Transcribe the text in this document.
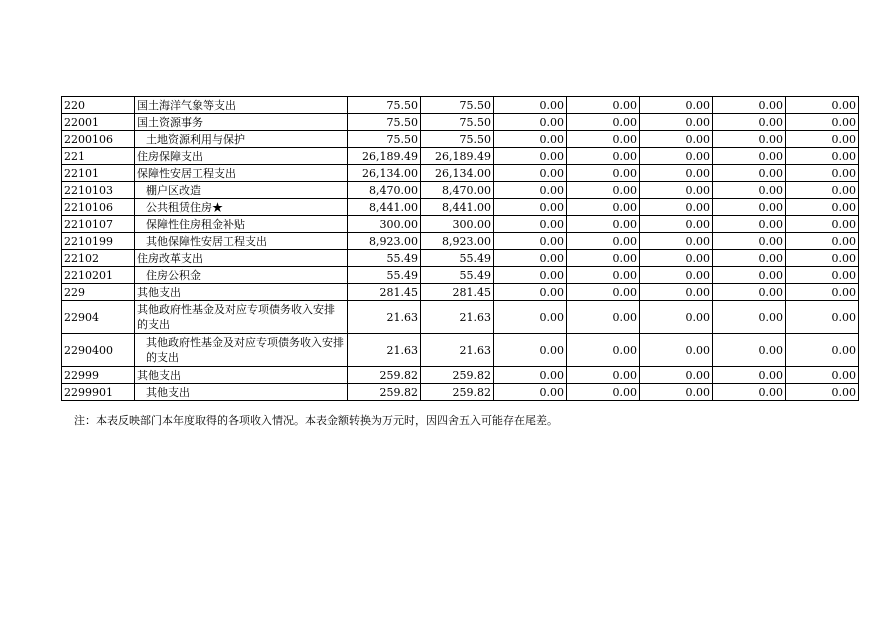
220	国土海洋气象等支出	75.50	75.50	0.00	0.00	0.00	0.00	0.00
22001	国土资源事务	75.50	75.50	0.00	0.00	0.00	0.00	0.00
2200106	土地资源利用与保护	75.50	75.50	0.00	0.00	0.00	0.00	0.00
221	住房保障支出	26,189.49	26,189.49	0.00	0.00	0.00	0.00	0.00
22101	保障性安居工程支出	26,134.00	26,134.00	0.00	0.00	0.00	0.00	0.00
2210103	棚户区改造	8,470.00	8,470.00	0.00	0.00	0.00	0.00	0.00
2210106	公共租赁住房★	8,441.00	8,441.00	0.00	0.00	0.00	0.00	0.00
2210107	保障性住房租金补贴	300.00	300.00	0.00	0.00	0.00	0.00	0.00
2210199	其他保障性安居工程支出	8,923.00	8,923.00	0.00	0.00	0.00	0.00	0.00
22102	住房改革支出	55.49	55.49	0.00	0.00	0.00	0.00	0.00
2210201	住房公积金	55.49	55.49	0.00	0.00	0.00	0.00	0.00
229	其他支出	281.45	281.45	0.00	0.00	0.00	0.00	0.00
22904	其他政府性基金及对应专项债务收入安排的支出	21.63	21.63	0.00	0.00	0.00	0.00	0.00
2290400	其他政府性基金及对应专项债务收入安排的支出	21.63	21.63	0.00	0.00	0.00	0.00	0.00
22999	其他支出	259.82	259.82	0.00	0.00	0.00	0.00	0.00
2299901	其他支出	259.82	259.82	0.00	0.00	0.00	0.00	0.00
注：本表反映部门本年度取得的各项收入情况。本表金额转换为万元时，因四舍五入可能存在尾差。
